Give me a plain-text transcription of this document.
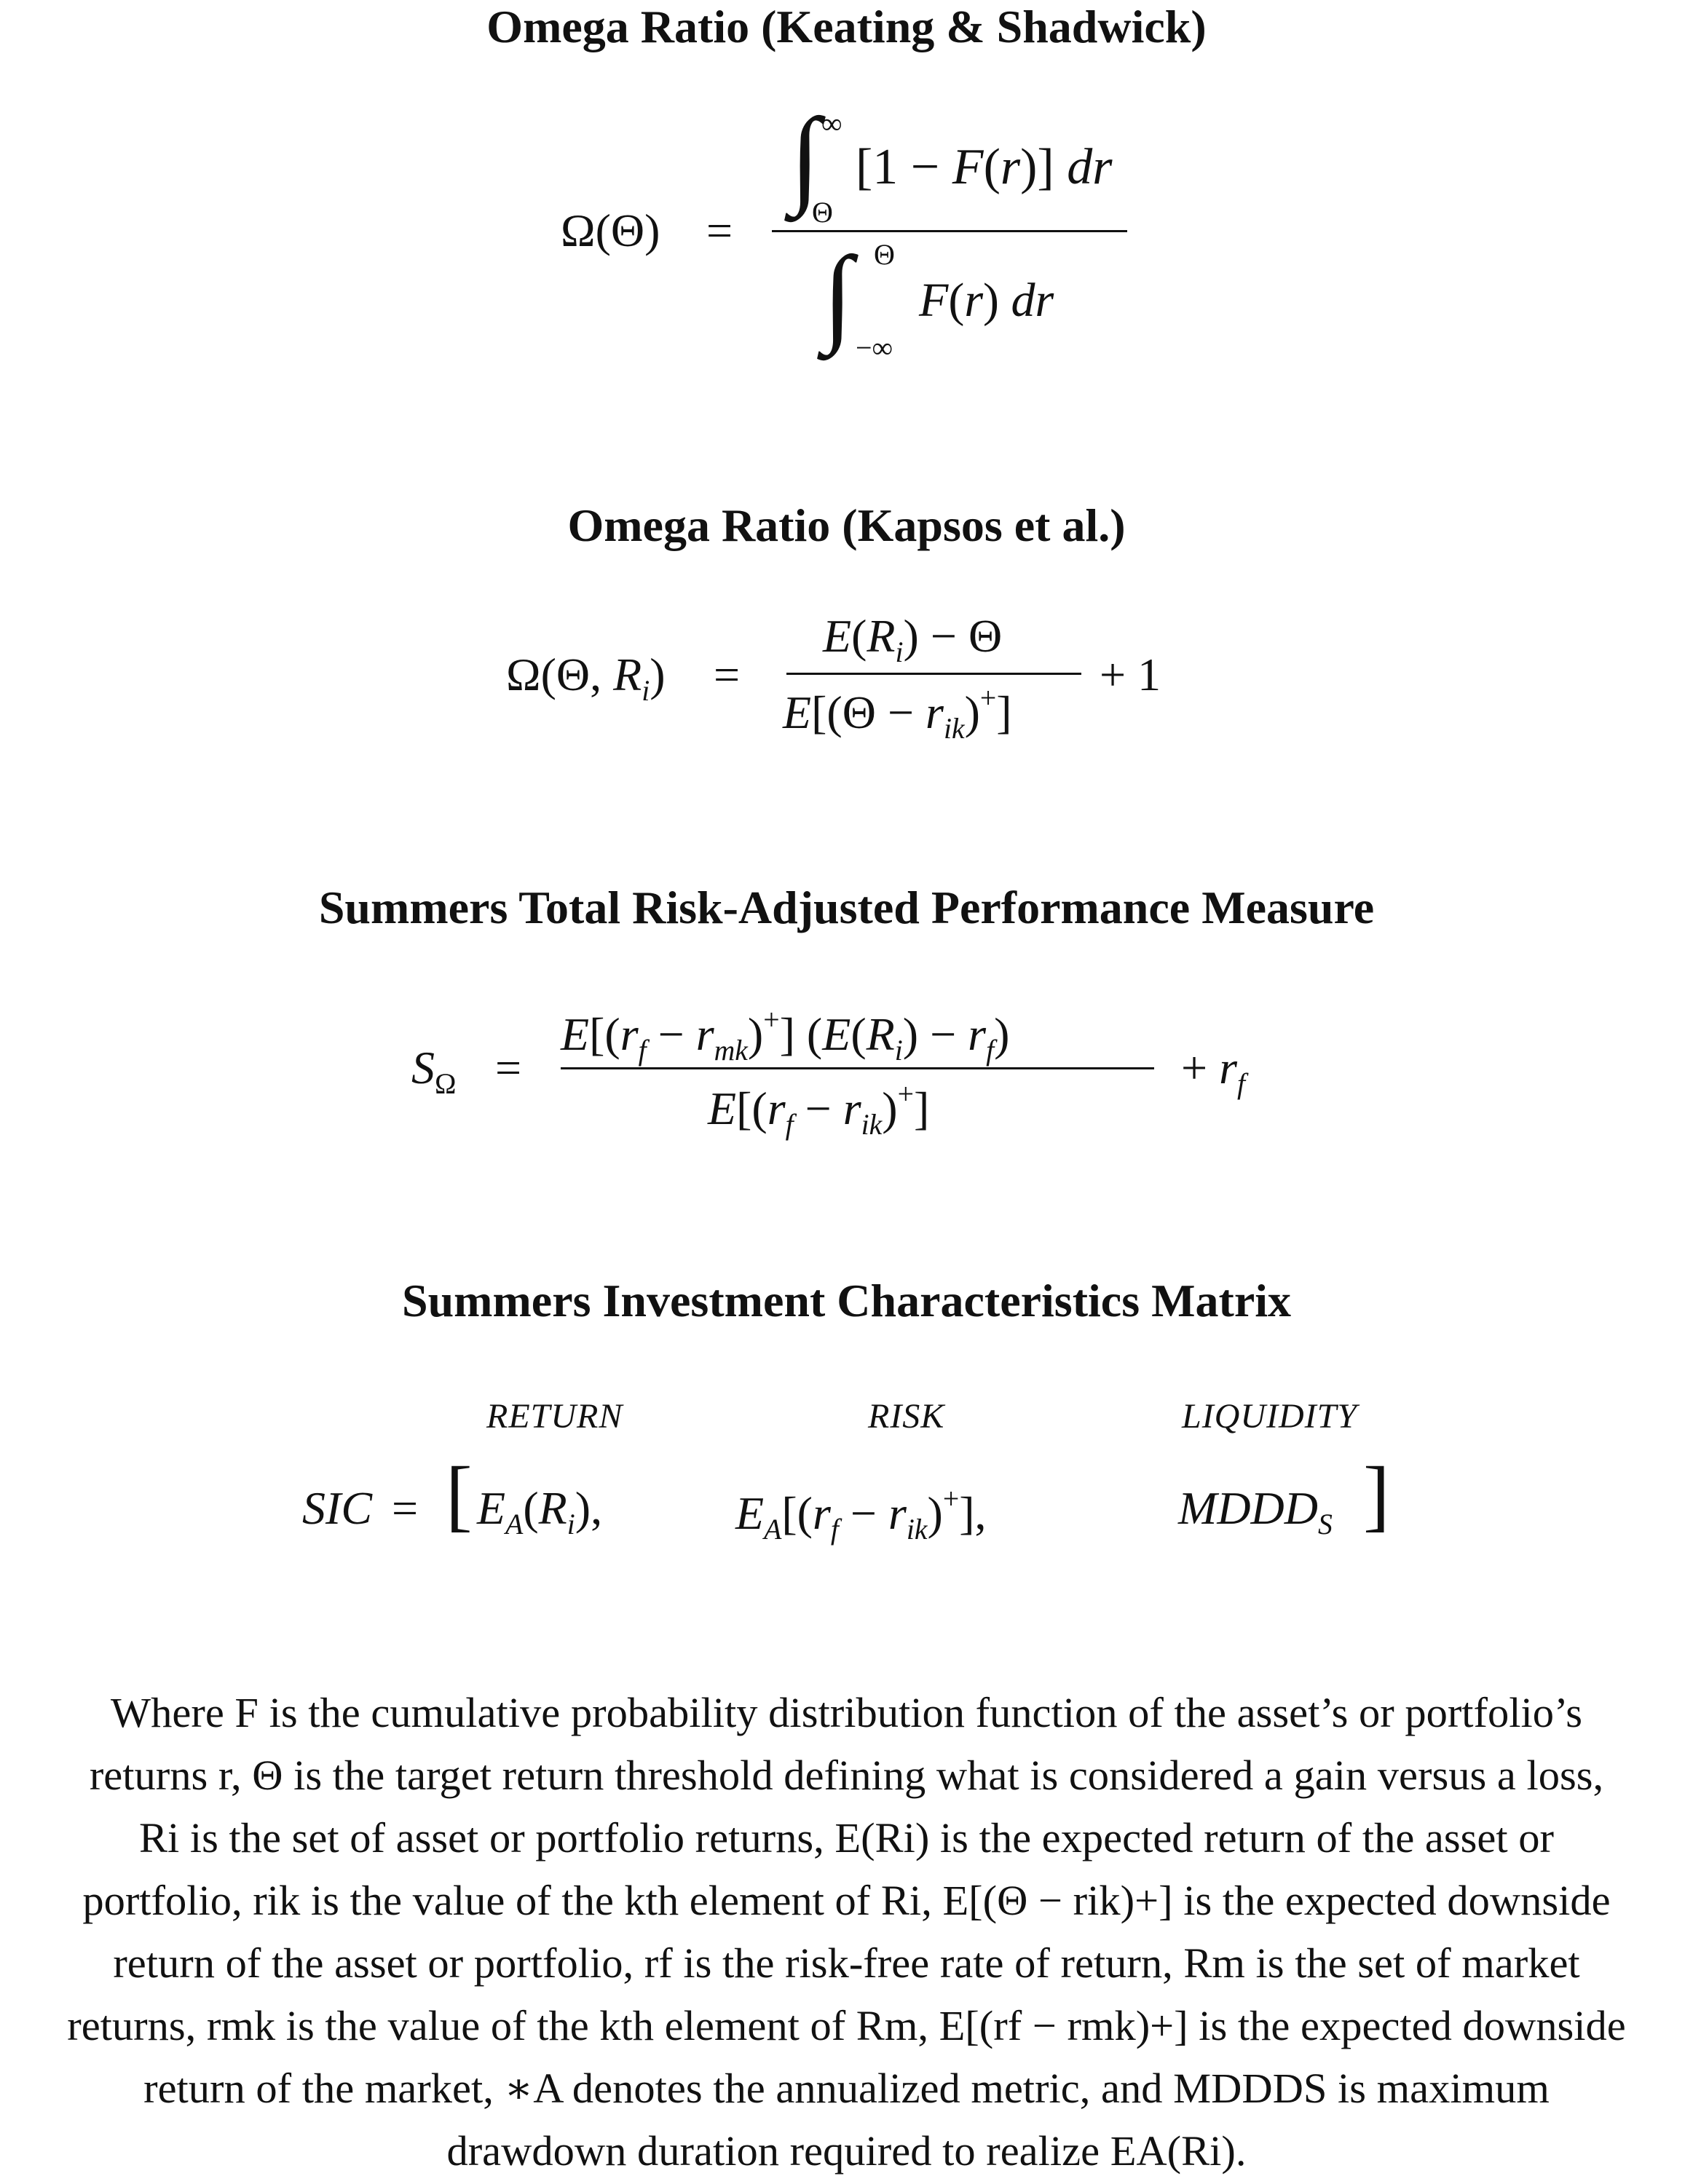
Omega Ratio (Keating & Shadwick)
Omega Ratio (Kapsos et al.)
Summers Total Risk-Adjusted Performance Measure
Summers Investment Characteristics Matrix
Ω(Θ) =
∫ ∞
Θ
[1 − F(r)] dr
∫ Θ
−∞
F(r) dr
Ω(Θ, $R_i$) =
$E(R_i) - \Theta$
$E[(\Theta - r_{ik})^+]$
+ 1
$S_\Omega$ =
$E[(r_f - r_{mk})^+] (E(R_i) - r_f)$
$E[(r_f - r_{ik})^+]$
+ $r_f$
RETURN	RISK	LIQUIDITY
SIC = [ $E_A(R_i)$,	$E_A[(r_f - r_{ik})^+]$,	$MDDD_S$ ]
Where F is the cumulative probability distribution function of the asset’s or portfolio’s
returns r, Θ is the target return threshold defining what is considered a gain versus a loss,
Ri is the set of asset or portfolio returns, E(Ri) is the expected return of the asset or
portfolio, rik is the value of the kth element of Ri, E[(Θ − rik)+] is the expected downside
return of the asset or portfolio, rf is the risk-free rate of return, Rm is the set of market
returns, rmk is the value of the kth element of Rm, E[(rf − rmk)+] is the expected downside
return of the market, ∗A denotes the annualized metric, and MDDDS is maximum
drawdown duration required to realize EA(Ri).
